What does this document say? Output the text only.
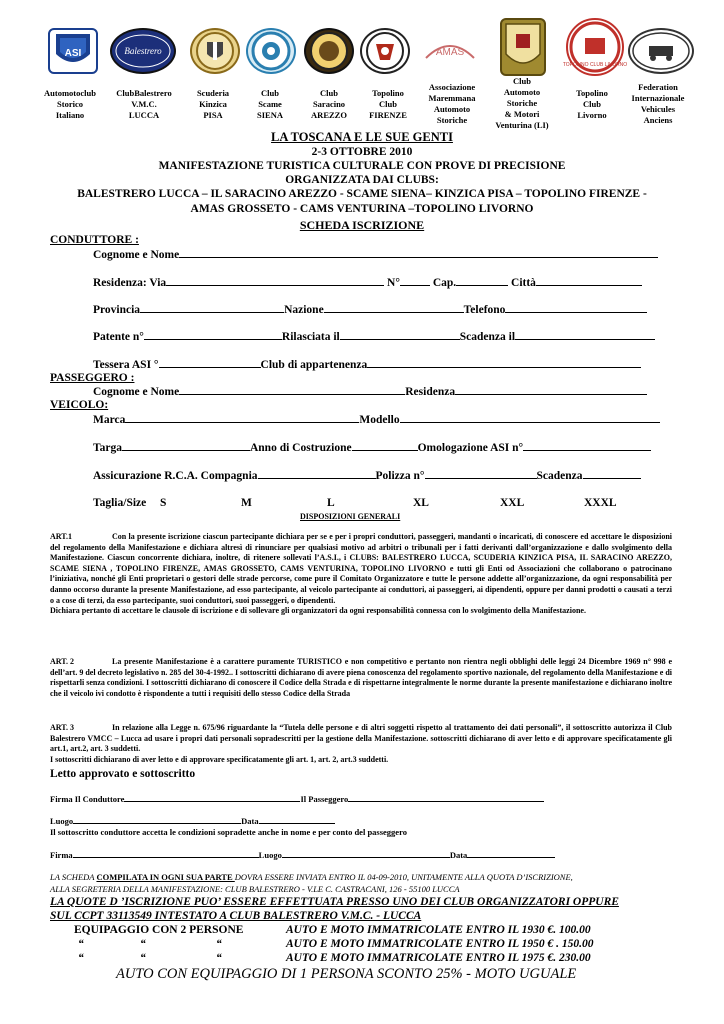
ASI	Balestrero	AMAS
TOPOLINO CLUB LIVORNO
Automotoclub
Storico
Italiano
ClubBalestrero
V.M.C.
LUCCA
Scuderia
Kinzica
PISA
Club
Scame
SIENA
Club
Saracino
AREZZO
Topolino
Club
FIRENZE
Associazione
Maremmana
Automoto
Storiche
Club
Automoto
Storiche
& Motori
Venturina (LI)
Topolino
Club
Livorno
Federation
Internazionale
Vehicules
Anciens
LA TOSCANA E LE SUE GENTI
2-3 OTTOBRE 2010
MANIFESTAZIONE TURISTICA CULTURALE CON PROVE DI PRECISIONE
ORGANIZZATA DAI CLUBS:
BALESTRERO LUCCA – IL SARACINO AREZZO - SCAME SIENA– KINZICA PISA – TOPOLINO FIRENZE -
AMAS GROSSETO - CAMS VENTURINA –TOPOLINO LIVORNO
SCHEDA ISCRIZIONE
CONDUTTORE :
Cognome e Nome
Residenza: Via	N°	Cap.	Città
Provincia	Nazione	Telefono
Patente n°	Rilasciata il	Scadenza il
Tessera ASI °	Club di appartenenza
PASSEGGERO :
Cognome e Nome	Residenza
VEICOLO:
Marca	Modello
Targa	Anno di Costruzione	Omologazione ASI n°
Assicurazione R.C.A. Compagnia	Polizza n°	Scadenza
Taglia/Size S	M	L	XL	XXL	XXXL
DISPOSIZIONI GENERALI
ART.1	Con la presente iscrizione ciascun partecipante dichiara per se e per i propri conduttori, passeggeri, mandanti o incaricati, di conoscere ed accettare le disposizioni del regolamento della Manifestazione e dichiara altresì di rinunciare per qualsiasi motivo ad arbitri o tribunali per i fatti derivanti dall’organizzazione e dallo svolgimento della Manifestazione. Ciascun concorrente dichiara, inoltre, di ritenere sollevati l’A.S.I., i CLUBS: BALESTRERO LUCCA, SCUDERIA KINZICA PISA, IL SARACINO AREZZO, SCAME SIENA , TOPOLINO FIRENZE, AMAS GROSSETO, CAMS VENTURINA, TOPOLINO LIVORNO e tutti gli Enti od Associazioni che collaborano o patrocinano l’iniziativa, nonché gli Enti proprietari o gestori delle strade percorse, come pure il Comitato Organizzatore e tutte le persone addette all’organizzazione, da ogni responsabilità per danno occorso durante la presente Manifestazione, ad esso partecipante, al veicolo partecipante ai conduttori, ai passeggeri, ai dipendenti, oppure per danni prodotti o causati a terzi o a cose di terzi, da esso partecipante, suoi conduttori, suoi passeggeri, o dipendenti.
Dichiara pertanto di accettare le clausole di iscrizione e di sollevare gli organizzatori da ogni responsabilità connessa con lo svolgimento della Manifestazione.
ART. 2	La presente Manifestazione è a carattere puramente TURISTICO e non competitivo e pertanto non rientra negli obblighi delle leggi 24 Dicembre 1969 n° 998 e dell’art. 9 del decreto legislativo n. 285 del 30-4-1992.. I sottoscritti dichiarano di avere piena conoscenza del regolamento sportivo nazionale, del regolamento della Manifestazione e di rispettarli senza condizioni. I sottoscritti dichiarano di conoscere il Codice della Strada e di rispettarne integralmente le norme durante la presente manifestazione e dichiarano inoltre che il veicolo ivi condotto è rispondente a tutti i requisiti dello stesso Codice della Strada
ART. 3	In relazione alla Legge n. 675/96 riguardante la “Tutela delle persone e di altri soggetti rispetto al trattamento dei dati personali”, il sottoscritto autorizza il Club Balestrero VMCC – Lucca ad usare i propri dati personali sopradescritti per la gestione della Manifestazione. sottoscritti dichiarano di aver letto e di approvare specificatamente gli art.1, art.2, art. 3 suddetti.
I sottoscritti dichiarano di aver letto e di approvare specificatamente gli art. 1, art. 2, art.3 suddetti.
Letto approvato e sottoscritto
Firma Il Conduttore	Il Passeggero
Luogo	Data
Il sottoscritto conduttore accetta le condizioni sopradette anche in nome e per conto del passeggero
Firma	Luogo	Data
LA SCHEDA COMPILATA IN OGNI SUA PARTE DOVRA ESSERE INVIATA ENTRO IL 04-09-2010, UNITAMENTE ALLA QUOTA D’ISCRIZIONE,
ALLA SEGRETERIA DELLA MANIFESTAZIONE: CLUB BALESTRERO - V.LE C. CASTRACANI, 126 - 55100 LUCCA
LA QUOTE D ’ISCRIZIONE PUO’ ESSERE EFFETTUATA PRESSO UNO DEI CLUB ORGANIZZATORI OPPURE
SUL CCPT 33113549 INTESTATO A CLUB BALESTRERO V.M.C. - LUCCA
EQUIPAGGIO CON 2 PERSONE	AUTO E MOTO IMMATRICOLATE ENTRO IL 1930 €. 100.00
“	“	“	AUTO E MOTO IMMATRICOLATE ENTRO IL 1950 € . 150.00
“	“	“	AUTO E MOTO IMMATRICOLATE ENTRO IL 1975 €. 230.00
AUTO CON EQUIPAGGIO DI 1 PERSONA SCONTO 25% - MOTO UGUALE
